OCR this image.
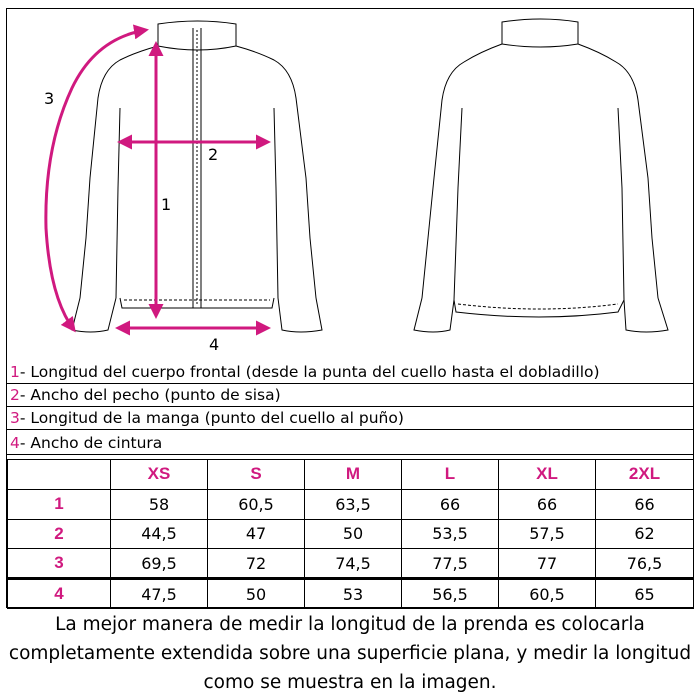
1
2
3
4
1- Longitud del cuerpo frontal (desde la punta del cuello hasta el dobladillo)
2- Ancho del pecho (punto de sisa)
3- Longitud de la manga (punto del cuello al puño)
4- Ancho de cintura
	XS	S	M	L	XL	2XL
1	58	60,5	63,5	66	66	66
2	44,5	47	50	53,5	57,5	62
3	69,5	72	74,5	77,5	77	76,5
4	47,5	50	53	56,5	60,5	65
La mejor manera de medir la longitud de la prenda es colocarla completamente extendida sobre una superficie plana, y medir la longitud como se muestra en la imagen.
